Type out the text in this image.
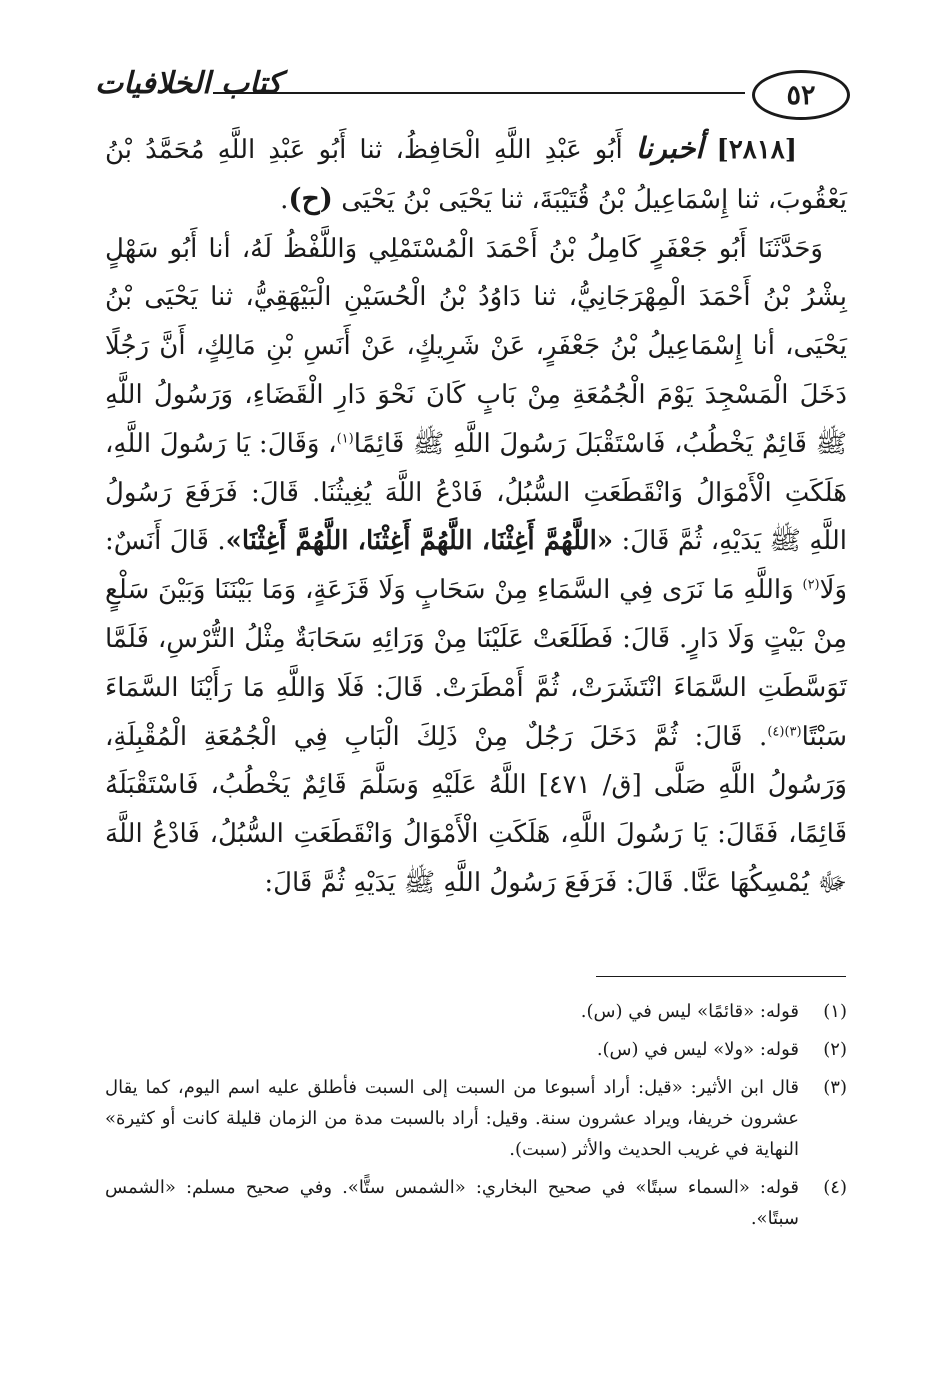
٥٢
كتاب الخلافيات

[٢٨١٨] أخبرنا أَبُو عَبْدِ اللَّهِ الْحَافِظُ، ثنا أَبُو عَبْدِ اللَّهِ مُحَمَّدُ بْنُ يَعْقُوبَ، ثنا إِسْمَاعِيلُ بْنُ قُتَيْبَةَ، ثنا يَحْيَى بْنُ يَحْيَى (ح).

وَحَدَّثَنَا أَبُو جَعْفَرٍ كَامِلُ بْنُ أَحْمَدَ الْمُسْتَمْلِي وَاللَّفْظُ لَهُ، أنا أَبُو سَهْلٍ بِشْرُ بْنُ أَحْمَدَ الْمِهْرَجَانِيُّ، ثنا دَاوُدُ بْنُ الْحُسَيْنِ الْبَيْهَقِيُّ، ثنا يَحْيَى بْنُ يَحْيَى، أنا إِسْمَاعِيلُ بْنُ جَعْفَرٍ، عَنْ شَرِيكٍ، عَنْ أَنَسِ بْنِ مَالِكٍ، أَنَّ رَجُلًا دَخَلَ الْمَسْجِدَ يَوْمَ الْجُمُعَةِ مِنْ بَابٍ كَانَ نَحْوَ دَارِ الْقَضَاءِ، وَرَسُولُ اللَّهِ ﷺ قَائِمٌ يَخْطُبُ، فَاسْتَقْبَلَ رَسُولَ اللَّهِ ﷺ قَائِمًا$^{(١)}$، وَقَالَ: يَا رَسُولَ اللَّهِ، هَلَكَتِ الْأَمْوَالُ وَانْقَطَعَتِ السُّبُلُ، فَادْعُ اللَّهَ يُغِيثُنَا. قَالَ: فَرَفَعَ رَسُولُ اللَّهِ ﷺ يَدَيْهِ، ثُمَّ قَالَ: «اللَّهُمَّ أَغِثْنَا، اللَّهُمَّ أَغِثْنَا، اللَّهُمَّ أَغِثْنَا». قَالَ أَنَسٌ: وَلَا$^{(٢)}$ وَاللَّهِ مَا نَرَى فِي السَّمَاءِ مِنْ سَحَابٍ وَلَا قَزَعَةٍ، وَمَا بَيْنَنَا وَبَيْنَ سَلْعٍ مِنْ بَيْتٍ وَلَا دَارٍ. قَالَ: فَطَلَعَتْ عَلَيْنَا مِنْ وَرَائِهِ سَحَابَةٌ مِثْلُ التُّرْسِ، فَلَمَّا تَوَسَّطَتِ السَّمَاءَ انْتَشَرَتْ، ثُمَّ أَمْطَرَتْ. قَالَ: فَلَا وَاللَّهِ مَا رَأَيْنَا السَّمَاءَ سَبْتًا$^{(٣)(٤)}$. قَالَ: ثُمَّ دَخَلَ رَجُلٌ مِنْ ذَلِكَ الْبَابِ فِي الْجُمُعَةِ الْمُقْبِلَةِ، وَرَسُولُ اللَّهِ صَلَّى [ق/ ٤٧١] اللَّهُ عَلَيْهِ وَسَلَّمَ قَائِمٌ يَخْطُبُ، فَاسْتَقْبَلَهُ قَائِمًا، فَقَالَ: يَا رَسُولَ اللَّهِ، هَلَكَتِ الْأَمْوَالُ وَانْقَطَعَتِ السُّبُلُ، فَادْعُ اللَّهَ ﷻ يُمْسِكُهَا عَنَّا. قَالَ: فَرَفَعَ رَسُولُ اللَّهِ ﷺ يَدَيْهِ ثُمَّ قَالَ:

(١)
قوله: «قائمًا» ليس في (س).
(٢)
قوله: «ولا» ليس في (س).
(٣)
قال ابن الأثير: «قيل: أراد أسبوعا من السبت إلى السبت فأطلق عليه اسم اليوم، كما يقال عشرون خريفا، ويراد عشرون سنة. وقيل: أراد بالسبت مدة من الزمان قليلة كانت أو كثيرة» النهاية في غريب الحديث والأثر (سبت).
(٤)
قوله: «السماء سبتًا» في صحيح البخاري: «الشمس ستًّا». وفي صحيح مسلم: «الشمس سبتًا».
